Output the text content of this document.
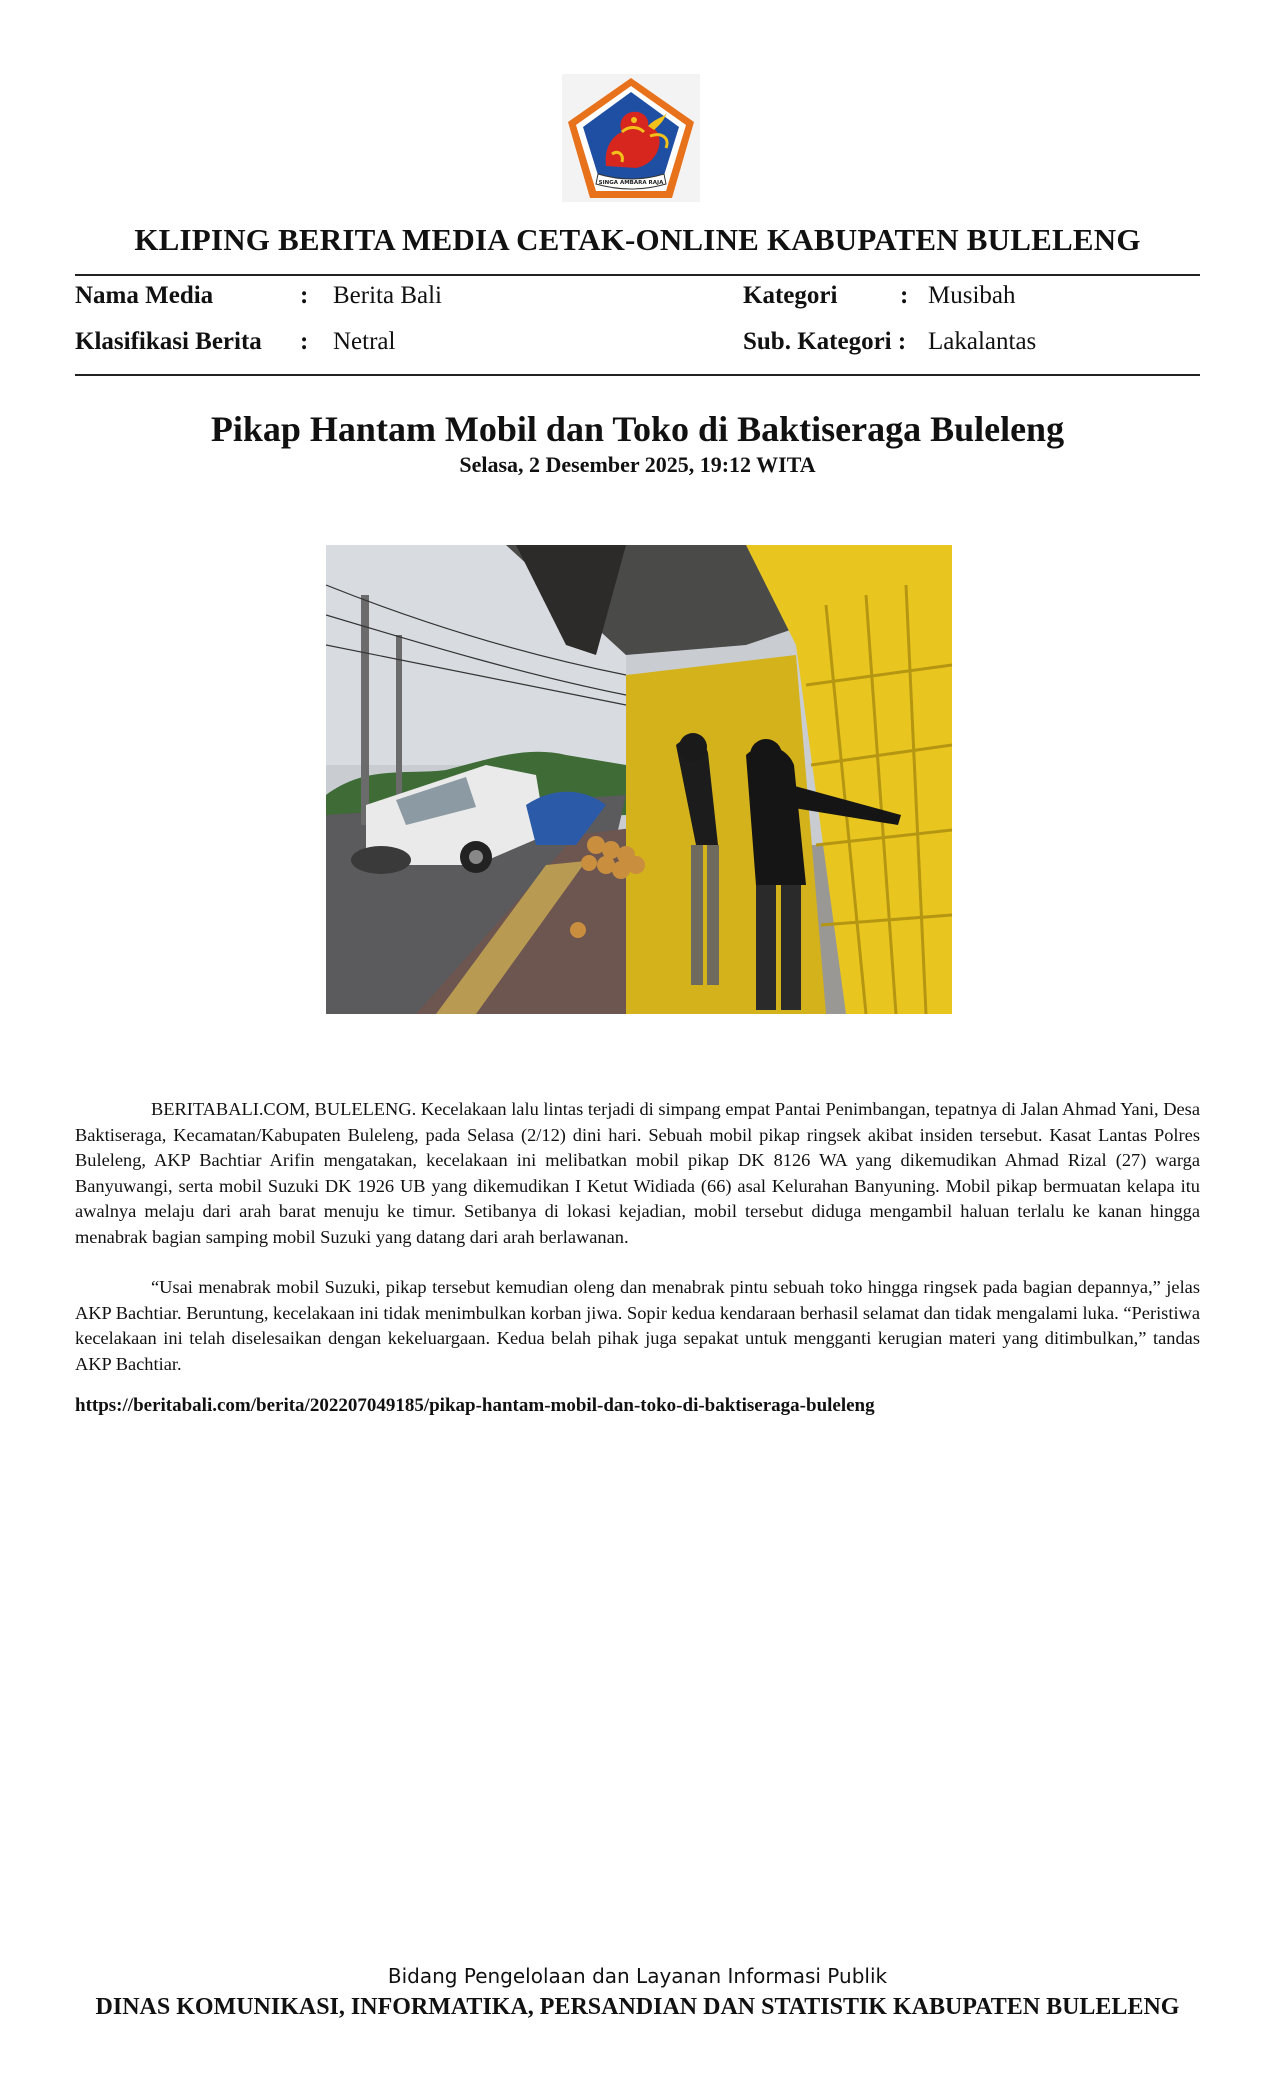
SINGA AMBARA RAJA
KLIPING BERITA MEDIA CETAK-ONLINE KABUPATEN BULELENG
Nama Media	: Berita Bali	Kategori	: Musibah
Klasifikasi Berita : Netral	Sub. Kategori : Lakalantas
Pikap Hantam Mobil dan Toko di Baktiseraga Buleleng
Selasa, 2 Desember 2025, 19:12 WITA

BERITABALI.COM, BULELENG. Kecelakaan lalu lintas terjadi di simpang empat Pantai Penimbangan, tepatnya di Jalan Ahmad Yani, Desa Baktiseraga, Kecamatan/Kabupaten Buleleng, pada Selasa (2/12) dini hari. Sebuah mobil pikap ringsek akibat insiden tersebut. Kasat Lantas Polres Buleleng, AKP Bachtiar Arifin mengatakan, kecelakaan ini melibatkan mobil pikap DK 8126 WA yang dikemudikan Ahmad Rizal (27) warga Banyuwangi, serta mobil Suzuki DK 1926 UB yang dikemudikan I Ketut Widiada (66) asal Kelurahan Banyuning. Mobil pikap bermuatan kelapa itu awalnya melaju dari arah barat menuju ke timur. Setibanya di lokasi kejadian, mobil tersebut diduga mengambil haluan terlalu ke kanan hingga menabrak bagian samping mobil Suzuki yang datang dari arah berlawanan.

“Usai menabrak mobil Suzuki, pikap tersebut kemudian oleng dan menabrak pintu sebuah toko hingga ringsek pada bagian depannya,” jelas AKP Bachtiar. Beruntung, kecelakaan ini tidak menimbulkan korban jiwa. Sopir kedua kendaraan berhasil selamat dan tidak mengalami luka. “Peristiwa kecelakaan ini telah diselesaikan dengan kekeluargaan. Kedua belah pihak juga sepakat untuk mengganti kerugian materi yang ditimbulkan,” tandas AKP Bachtiar.

https://beritabali.com/berita/202207049185/pikap-hantam-mobil-dan-toko-di-baktiseraga-buleleng
Bidang Pengelolaan dan Layanan Informasi Publik
DINAS KOMUNIKASI, INFORMATIKA, PERSANDIAN DAN STATISTIK KABUPATEN BULELENG
